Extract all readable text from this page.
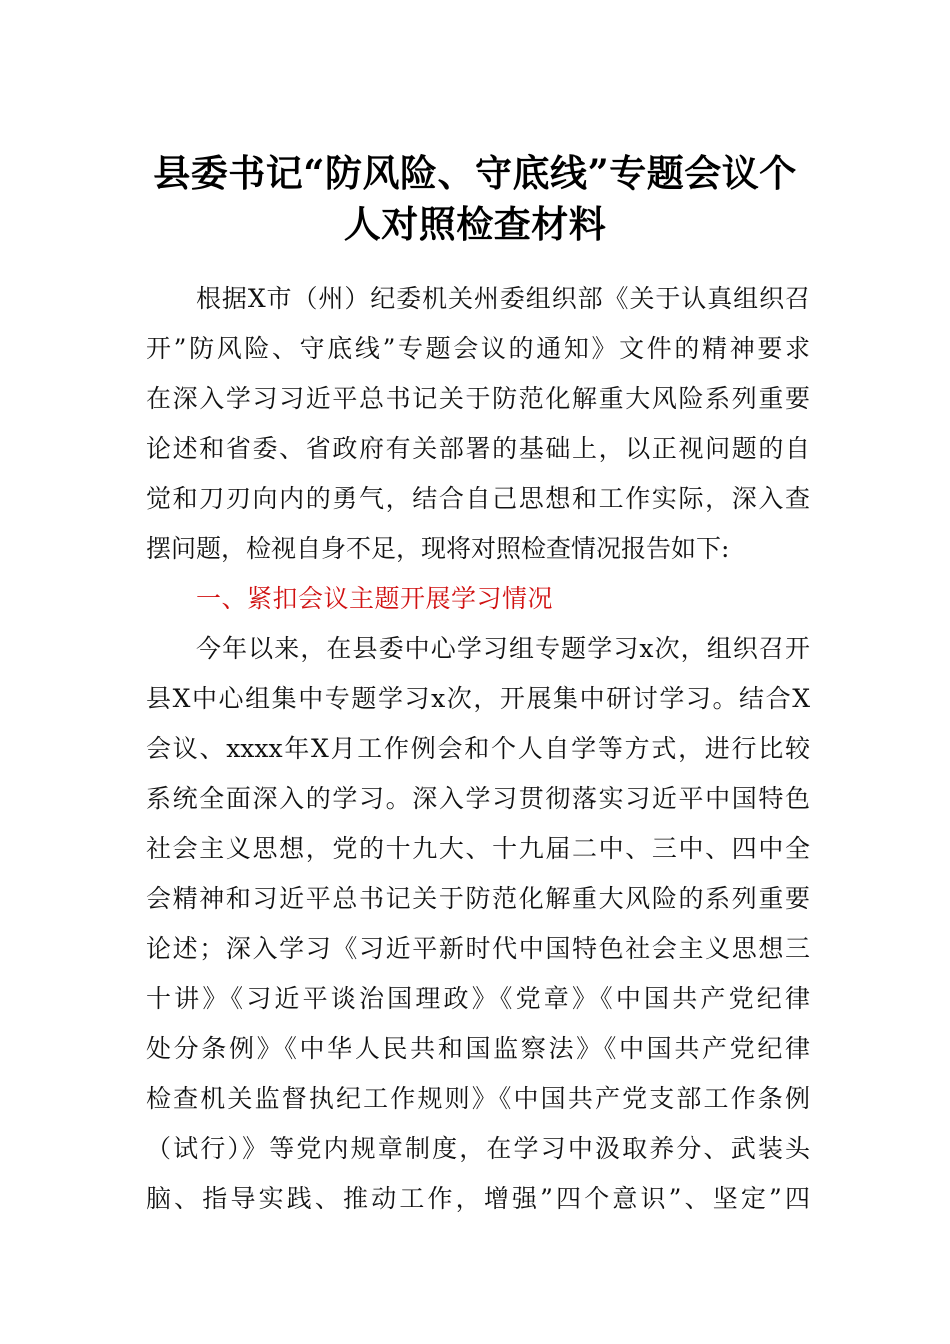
县委书记“防风险、守底线”专题会议个
人对照检查材料
根据X市（州）纪委机关州委组织部《关于认真组织召
开”防风险、守底线”专题会议的通知》文件的精神要求
在深入学习习近平总书记关于防范化解重大风险系列重要
论述和省委、省政府有关部署的基础上，以正视问题的自
觉和刀刃向内的勇气，结合自己思想和工作实际，深入查
摆问题，检视自身不足，现将对照检查情况报告如下:
一、紧扣会议主题开展学习情况
今年以来，在县委中心学习组专题学习x次，组织召开
县X中心组集中专题学习x次，开展集中研讨学习。结合X
会议、xxxx年X月工作例会和个人自学等方式，进行比较
系统全面深入的学习。深入学习贯彻落实习近平中国特色
社会主义思想，党的十九大、十九届二中、三中、四中全
会精神和习近平总书记关于防范化解重大风险的系列重要
论述；深入学习《习近平新时代中国特色社会主义思想三
十讲》《习近平谈治国理政》《党章》《中国共产党纪律
处分条例》《中华人民共和国监察法》《中国共产党纪律
检查机关监督执纪工作规则》《中国共产党支部工作条例
（试行）》等党内规章制度，在学习中汲取养分、武装头
脑、指导实践、推动工作，增强”四个意识”、坚定”四
